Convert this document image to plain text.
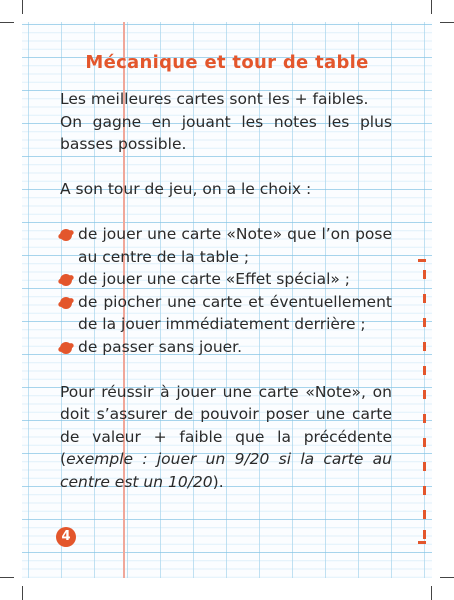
Mécanique et tour de table

Les meilleures cartes sont les + faibles.

On gagne en jouant les notes les plus basses possible.

A son tour de jeu, on a le choix :

de jouer une carte «Note» que l’on pose au centre de la table ;

de jouer une carte «Effet spécial» ;

de piocher une carte et éventuellement de la jouer immédiatement derrière ;

de passer sans jouer.

Pour réussir à jouer une carte «Note», on doit s’assurer de pouvoir poser une carte de valeur + faible que la précédente (exemple : jouer un 9/20 si la carte au centre est un 10/20).

4
